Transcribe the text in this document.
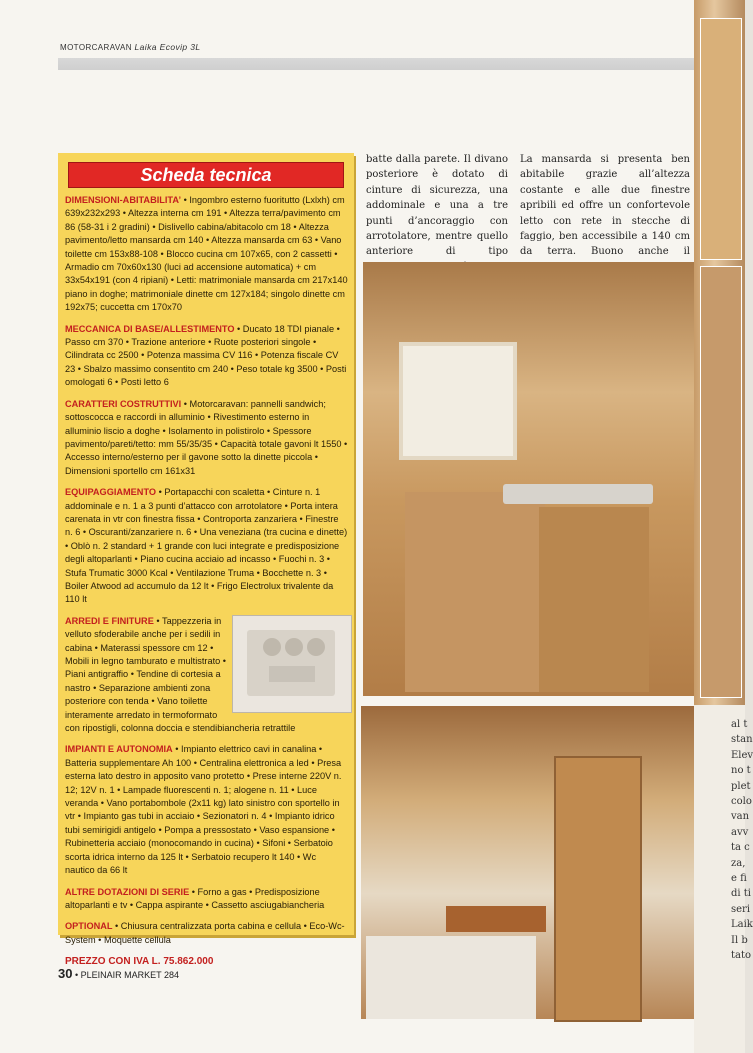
MOTORCARAVAN Laika Ecovip 3L
Scheda tecnica
DIMENSIONI-ABITABILITA’ • Ingombro esterno fuoritutto (Lxlxh) cm 639x232x293 • Altezza interna cm 191 • Altezza terra/pavimento cm 86 (58-31 i 2 gradini) • Dislivello cabina/abitacolo cm 18 • Altezza pavimento/letto mansarda cm 140 • Altezza mansarda cm 63 • Vano toilette cm 153x88-108 • Blocco cucina cm 107x65, con 2 cassetti • Armadio cm 70x60x130 (luci ad accensione automatica) + cm 33x54x191 (con 4 ripiani) • Letti: matrimoniale mansarda cm 217x140 piano in doghe; matrimoniale dinette cm 127x184; singolo dinette cm 192x75; cuccetta cm 170x70
MECCANICA DI BASE/ALLESTIMENTO • Ducato 18 TDI pianale • Passo cm 370 • Trazione anteriore • Ruote posteriori singole • Cilindrata cc 2500 • Potenza massima CV 116 • Potenza fiscale CV 23 • Sbalzo massimo consentito cm 240 • Peso totale kg 3500 • Posti omologati 6 • Posti letto 6
CARATTERI COSTRUTTIVI • Motorcaravan: pannelli sandwich; sottoscocca e raccordi in alluminio • Rivestimento esterno in alluminio liscio a doghe • Isolamento in polistirolo • Spessore pavimento/pareti/tetto: mm 55/35/35 • Capacità totale gavoni lt 1550 • Accesso interno/esterno per il gavone sotto la dinette piccola • Dimensioni sportello cm 161x31
EQUIPAGGIAMENTO • Portapacchi con scaletta • Cinture n. 1 addominale e n. 1 a 3 punti d’attacco con arrotolatore • Porta intera carenata in vtr con finestra fissa • Controporta zanzariera • Finestre n. 6 • Oscuranti/zanzariere n. 6 • Una veneziana (tra cucina e dinette) • Oblò n. 2 standard + 1 grande con luci integrate e predisposizione degli altoparlanti • Piano cucina acciaio ad incasso • Fuochi n. 3 • Stufa Trumatic 3000 Kcal • Ventilazione Truma • Bocchette n. 3 • Boiler Atwood ad accumulo da 12 lt • Frigo Electrolux trivalente da 110 lt
ARREDI E FINITURE • Tappezzeria in velluto sfoderabile anche per i sedili in cabina • Materassi spessore cm 12 • Mobili in legno tamburato e multistrato • Piani antigraffio • Tendine di cortesia a nastro • Separazione ambienti zona posteriore con tenda • Vano toilette interamente arredato in termoformato con ripostigli, colonna doccia e stendibiancheria retrattile
IMPIANTI E AUTONOMIA • Impianto elettrico cavi in canalina • Batteria supplementare Ah 100 • Centralina elettronica a led • Presa esterna lato destro in apposito vano protetto • Prese interne 220V n. 12; 12V n. 1 • Lampade fluorescenti n. 1; alogene n. 11 • Luce veranda • Vano portabombole (2x11 kg) lato sinistro con sportello in vtr • Impianto gas tubi in acciaio • Sezionatori n. 4 • Impianto idrico tubi semirigidi antigelo • Pompa a pressostato • Vaso espansione • Rubinetteria acciaio (monocomando in cucina) • Sifoni • Serbatoio scorta idrica interno da 125 lt • Serbatoio recupero lt 140 • Wc nautico da 66 lt
ALTRE DOTAZIONI DI SERIE • Forno a gas • Predisposizione altoparlanti e tv • Cappa aspirante • Cassetto asciugabiancheria
OPTIONAL • Chiusura centralizzata porta cabina e cellula • Eco-Wc-System • Moquette cellula
PREZZO CON IVA L. 75.862.000

batte dalla parete. Il divano posteriore è dotato di cinture di sicurezza, una addominale e una a tre punti d’ancoraggio con arrotolatore, mentre quello anteriore di tipo

La mansarda si presenta ben abitabile grazie all’altezza costante e alle due finestre apribili ed offre un confortevole letto con rete in stecche di faggio, ben accessibile a 140 cm da terra. Buono anche il

30 • PLEINAIR MARKET 284
al t
stan
Elev
no t
plet
colo
van
avv
ta c
za,
e fi
di ti
seri
Laik
Il b
tato
